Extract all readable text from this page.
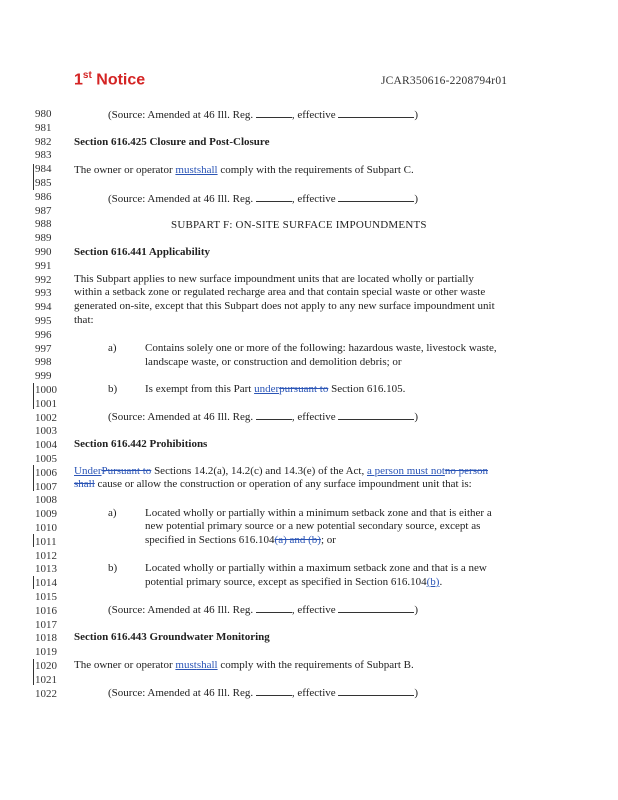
1st Notice	JCAR350616-2208794r01
980
981
982
983
984
985
986
987
988
989
990
991
992
993
994
995
996
997
998
999
1000
1001
1002
1003
1004
1005
1006
1007
1008
1009
1010
1011
1012
1013
1014
1015
1016
1017
1018
1019
1020
1021
1022
(Source: Amended at 46 Ill. Reg.	, effective	)
Section 616.425 Closure and Post-Closure
The owner or operator mustshall comply with the requirements of Subpart C.
(Source: Amended at 46 Ill. Reg.	, effective	)
SUBPART F: ON-SITE SURFACE IMPOUNDMENTS
Section 616.441 Applicability
This Subpart applies to new surface impoundment units that are located wholly or partially
within a setback zone or regulated recharge area and that contain special waste or other waste
generated on-site, except that this Subpart does not apply to any new surface impoundment unit
that:
a)	Contains solely one or more of the following: hazardous waste, livestock waste,
landscape waste, or construction and demolition debris; or
b)	Is exempt from this Part underpursuant to Section 616.105.
(Source: Amended at 46 Ill. Reg.	, effective	)
Section 616.442 Prohibitions
UnderPursuant to Sections 14.2(a), 14.2(c) and 14.3(e) of the Act, a person must notno person
shall cause or allow the construction or operation of any surface impoundment unit that is:
a)	Located wholly or partially within a minimum setback zone and that is either a
new potential primary source or a new potential secondary source, except as
specified in Sections 616.104(a) and (b); or
b)	Located wholly or partially within a maximum setback zone and that is a new
potential primary source, except as specified in Section 616.104(b).
(Source: Amended at 46 Ill. Reg.	, effective	)
Section 616.443 Groundwater Monitoring
The owner or operator mustshall comply with the requirements of Subpart B.
(Source: Amended at 46 Ill. Reg.	, effective	)
